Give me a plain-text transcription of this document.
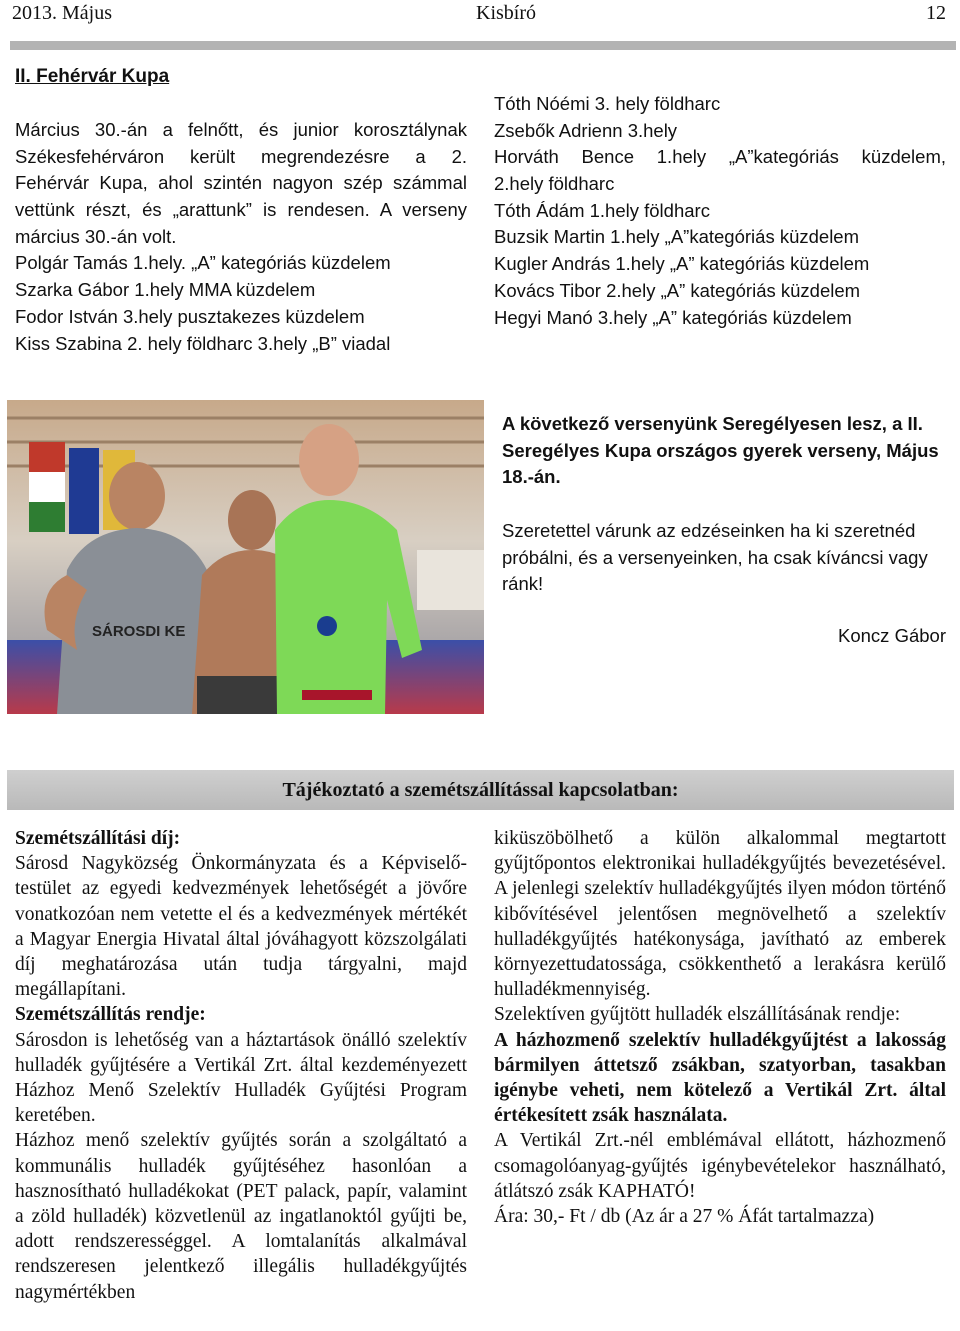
2013. Május	Kisbíró	12
II. Fehérvár Kupa
Március 30.-án a felnőtt, és junior korosztálynak
Székesfehérváron került megrendezésre a 2.
Fehérvár Kupa, ahol szintén nagyon szép számmal
vettünk részt, és „arattunk” is rendesen. A verseny
március 30.-án volt.
Polgár Tamás 1.hely. „A” kategóriás küzdelem
Szarka Gábor 1.hely MMA küzdelem
Fodor István 3.hely pusztakezes küzdelem
Kiss Szabina 2. hely földharc 3.hely „B” viadal
Tóth Nóémi 3. hely földharc
Zsebők Adrienn 3.hely
Horváth Bence 1.hely „A”kategóriás küzdelem,
2.hely földharc
Tóth Ádám 1.hely földharc
Buzsik Martin 1.hely „A”kategóriás küzdelem
Kugler András 1.hely „A” kategóriás küzdelem
Kovács Tibor 2.hely „A” kategóriás küzdelem
Hegyi Manó 3.hely „A” kategóriás küzdelem
SÁROSDI KE
A következő versenyünk Seregélyesen lesz, a II. Seregélyes Kupa országos gyerek verseny, Május 18.-án.
Szeretettel várunk az edzéseinken ha ki szeretnéd próbálni, és a versenyeinken, ha csak kíváncsi vagy ránk!
Koncz Gábor
Tájékoztató a szemétszállítással kapcsolatban:
Szemétszállítási díj:
Sárosd Nagyközség Önkormányzata és a Képviselő-testület az egyedi kedvezmények lehetőségét a jövőre vonatkozóan nem vetette el és a kedvezmények mértékét a Magyar Energia Hivatal által jóváhagyott közszolgálati díj meghatározása után tudja tárgyalni, majd megállapítani.
Szemétszállítás rendje:
Sárosdon is lehetőség van a háztartások önálló szelektív hulladék gyűjtésére a Vertikál Zrt. által kezdeményezett Házhoz Menő Szelektív Hulladék Gyűjtési Program keretében.
Házhoz menő szelektív gyűjtés során a szolgáltató a kommunális hulladék gyűjtéséhez hasonlóan a hasznosítható hulladékokat (PET palack, papír, valamint a zöld hulladék) közvetlenül az ingatlanoktól gyűjti be, adott rendszerességgel. A lomtalanítás alkalmával rendszeresen jelentkező illegális hulladékgyűjtés nagymértékben
kiküszöbölhető a külön alkalommal megtartott gyűjtőpontos elektronikai hulladékgyűjtés bevezetésével. A jelenlegi szelektív hulladékgyűjtés ilyen módon történő kibővítésével jelentősen megnövelhető a szelektív hulladékgyűjtés hatékonysága, javítható az emberek környezettudatossága, csökkenthető a lerakásra kerülő hulladékmennyiség.
Szelektíven gyűjtött hulladék elszállításának rendje:
A házhozmenő szelektív hulladékgyűjtést a lakosság bármilyen áttetsző zsákban, szatyorban, tasakban igénybe veheti, nem kötelező a Vertikál Zrt. által értékesített zsák használata.
A Vertikál Zrt.-nél emblémával ellátott, házhozmenő csomagolóanyag-gyűjtés igénybevételekor használható, átlátszó zsák KAPHATÓ!
Ára: 30,- Ft / db (Az ár a 27 % Áfát tartalmazza)
